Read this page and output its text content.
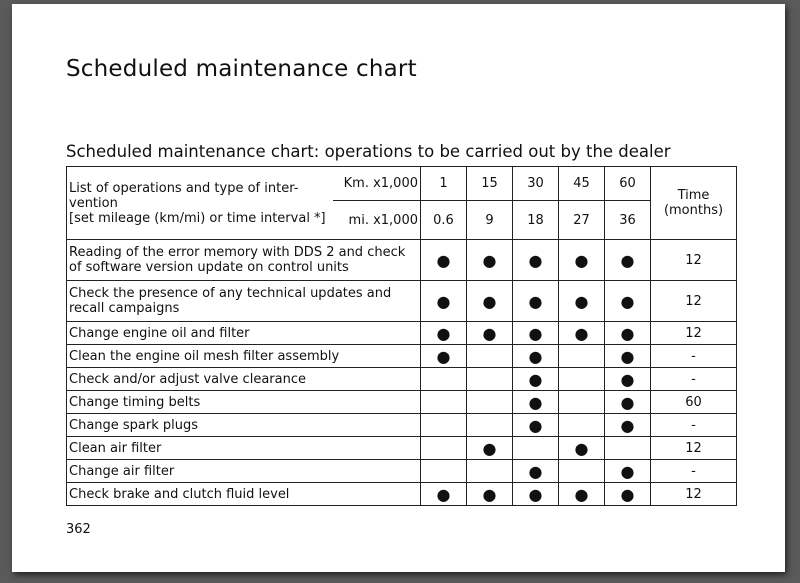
Scheduled maintenance chart
Scheduled maintenance chart: operations to be carried out by the dealer
List of operations and type of inter-vention
[set mileage (km/mi) or time interval *]	Km. x1,000	1	15	30	45	60	Time (months)
	mi. x1,000	0.6	9	18	27	36	
Reading of the error memory with DDS 2 and check of software version update on control units		●	●	●	●	●	12
Check the presence of any technical updates and recall campaigns		●	●	●	●	●	12
Change engine oil and filter		●	●	●	●	●	12
Clean the engine oil mesh filter assembly		●		●		●	-
Check and/or adjust valve clearance				●		●	-
Change timing belts				●		●	60
Change spark plugs				●		●	-
Clean air filter			●		●		12
Change air filter				●		●	-
Check brake and clutch fluid level		●	●	●	●	●	12
362
